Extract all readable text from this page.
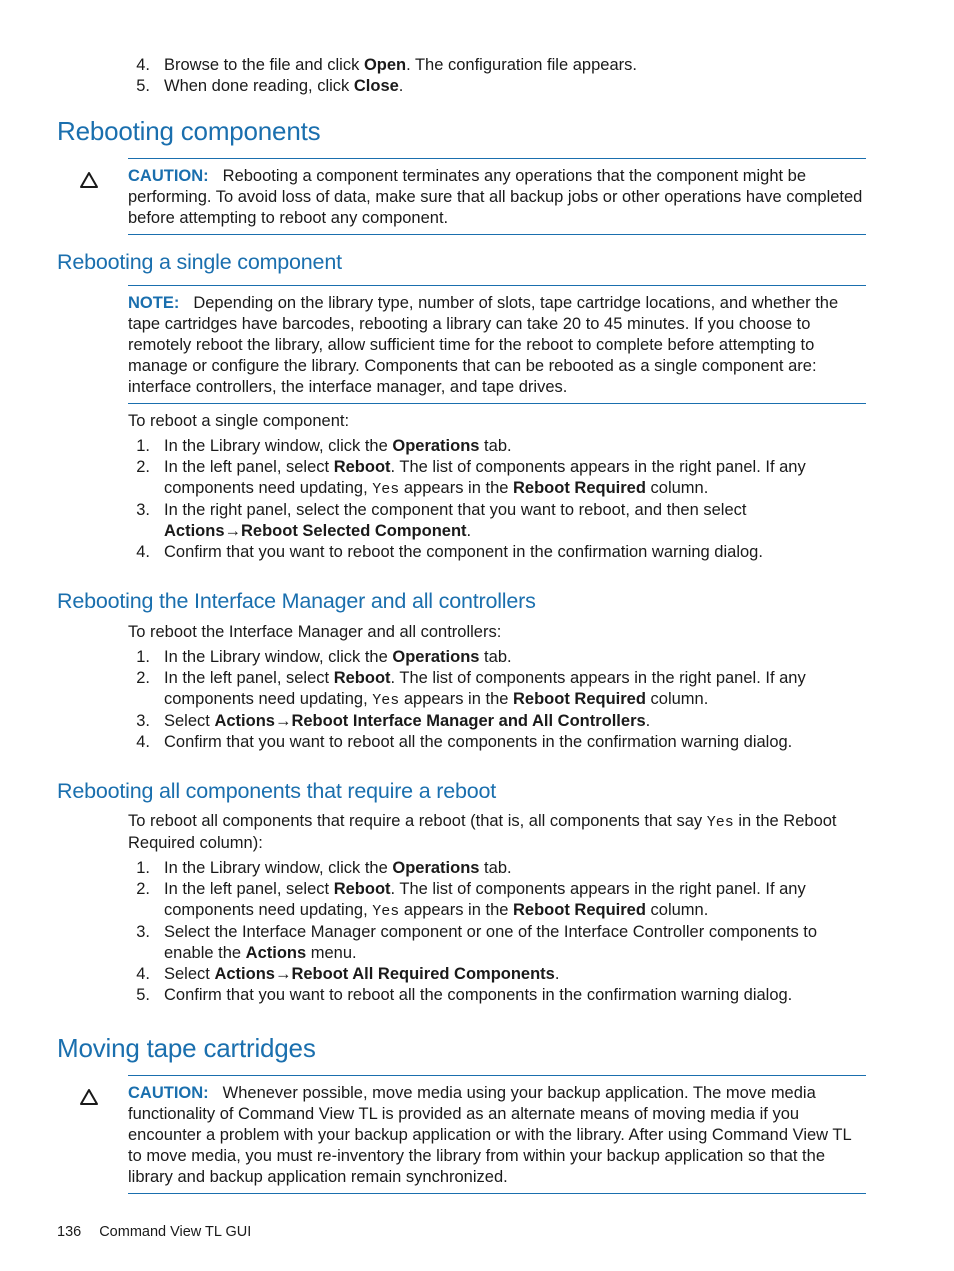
4. Browse to the file and click Open. The configuration file appears.
5. When done reading, click Close.
Rebooting components
CAUTION: Rebooting a component terminates any operations that the component might be performing. To avoid loss of data, make sure that all backup jobs or other operations have completed before attempting to reboot any component.
Rebooting a single component
NOTE: Depending on the library type, number of slots, tape cartridge locations, and whether the tape cartridges have barcodes, rebooting a library can take 20 to 45 minutes. If you choose to remotely reboot the library, allow sufficient time for the reboot to complete before attempting to manage or configure the library. Components that can be rebooted as a single component are: interface controllers, the interface manager, and tape drives.
To reboot a single component:
1. In the Library window, click the Operations tab.
2. In the left panel, select Reboot. The list of components appears in the right panel. If any components need updating, Yes appears in the Reboot Required column.
3. In the right panel, select the component that you want to reboot, and then select Actions→Reboot Selected Component.
4. Confirm that you want to reboot the component in the confirmation warning dialog.
Rebooting the Interface Manager and all controllers
To reboot the Interface Manager and all controllers:
1. In the Library window, click the Operations tab.
2. In the left panel, select Reboot. The list of components appears in the right panel. If any components need updating, Yes appears in the Reboot Required column.
3. Select Actions→Reboot Interface Manager and All Controllers.
4. Confirm that you want to reboot all the components in the confirmation warning dialog.
Rebooting all components that require a reboot
To reboot all components that require a reboot (that is, all components that say Yes in the Reboot Required column):
1. In the Library window, click the Operations tab.
2. In the left panel, select Reboot. The list of components appears in the right panel. If any components need updating, Yes appears in the Reboot Required column.
3. Select the Interface Manager component or one of the Interface Controller components to enable the Actions menu.
4. Select Actions→Reboot All Required Components.
5. Confirm that you want to reboot all the components in the confirmation warning dialog.
Moving tape cartridges
CAUTION: Whenever possible, move media using your backup application. The move media functionality of Command View TL is provided as an alternate means of moving media if you encounter a problem with your backup application or with the library. After using Command View TL to move media, you must re-inventory the library from within your backup application so that the library and backup application remain synchronized.
136 Command View TL GUI
